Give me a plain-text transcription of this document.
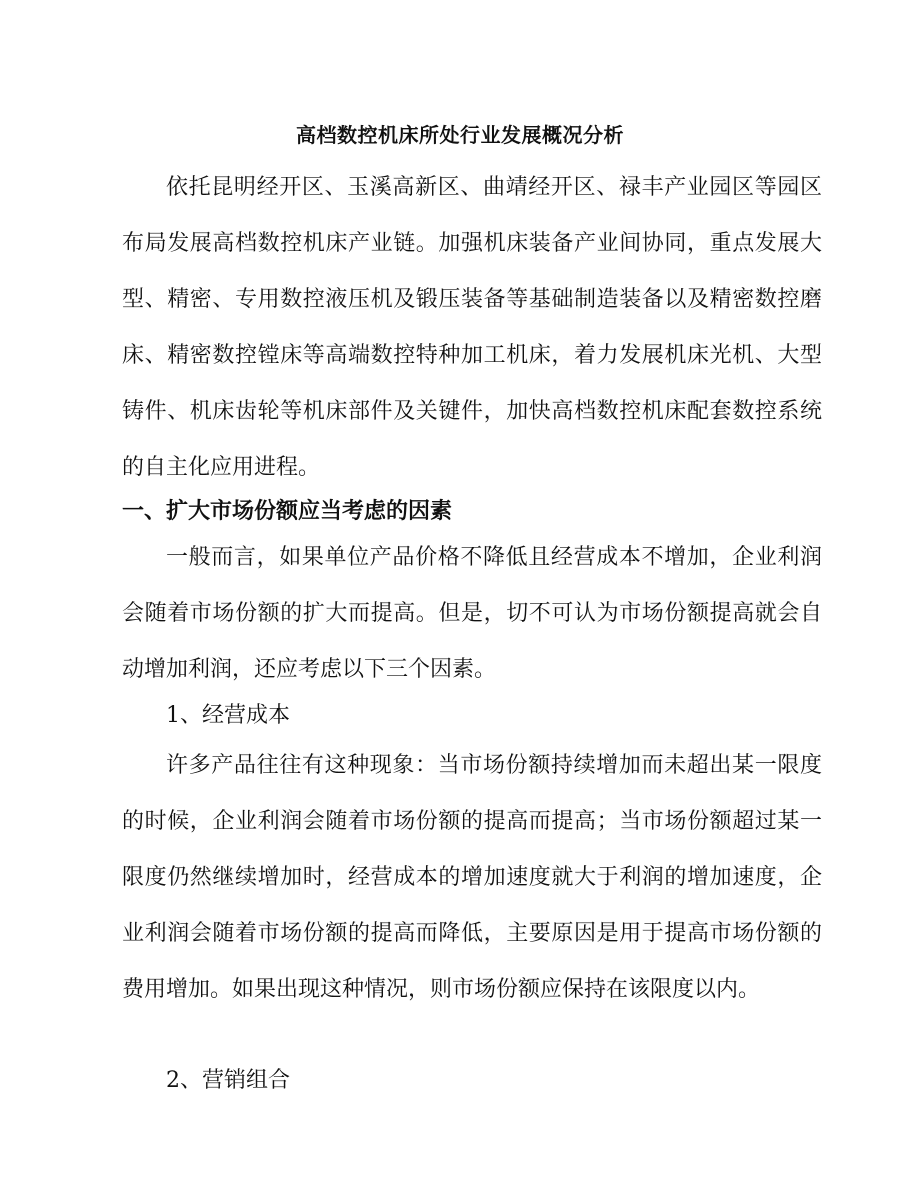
高档数控机床所处行业发展概况分析

依托昆明经开区、玉溪高新区、曲靖经开区、禄丰产业园区等园区布局发展高档数控机床产业链。加强机床装备产业间协同，重点发展大型、精密、专用数控液压机及锻压装备等基础制造装备以及精密数控磨床、精密数控镗床等高端数控特种加工机床，着力发展机床光机、大型铸件、机床齿轮等机床部件及关键件，加快高档数控机床配套数控系统的自主化应用进程。

一、扩大市场份额应当考虑的因素

一般而言，如果单位产品价格不降低且经营成本不增加，企业利润会随着市场份额的扩大而提高。但是，切不可认为市场份额提高就会自动增加利润，还应考虑以下三个因素。

1、经营成本

许多产品往往有这种现象：当市场份额持续增加而未超出某一限度的时候，企业利润会随着市场份额的提高而提高；当市场份额超过某一限度仍然继续增加时，经营成本的增加速度就大于利润的增加速度，企业利润会随着市场份额的提高而降低，主要原因是用于提高市场份额的费用增加。如果出现这种情况，则市场份额应保持在该限度以内。

2、营销组合
